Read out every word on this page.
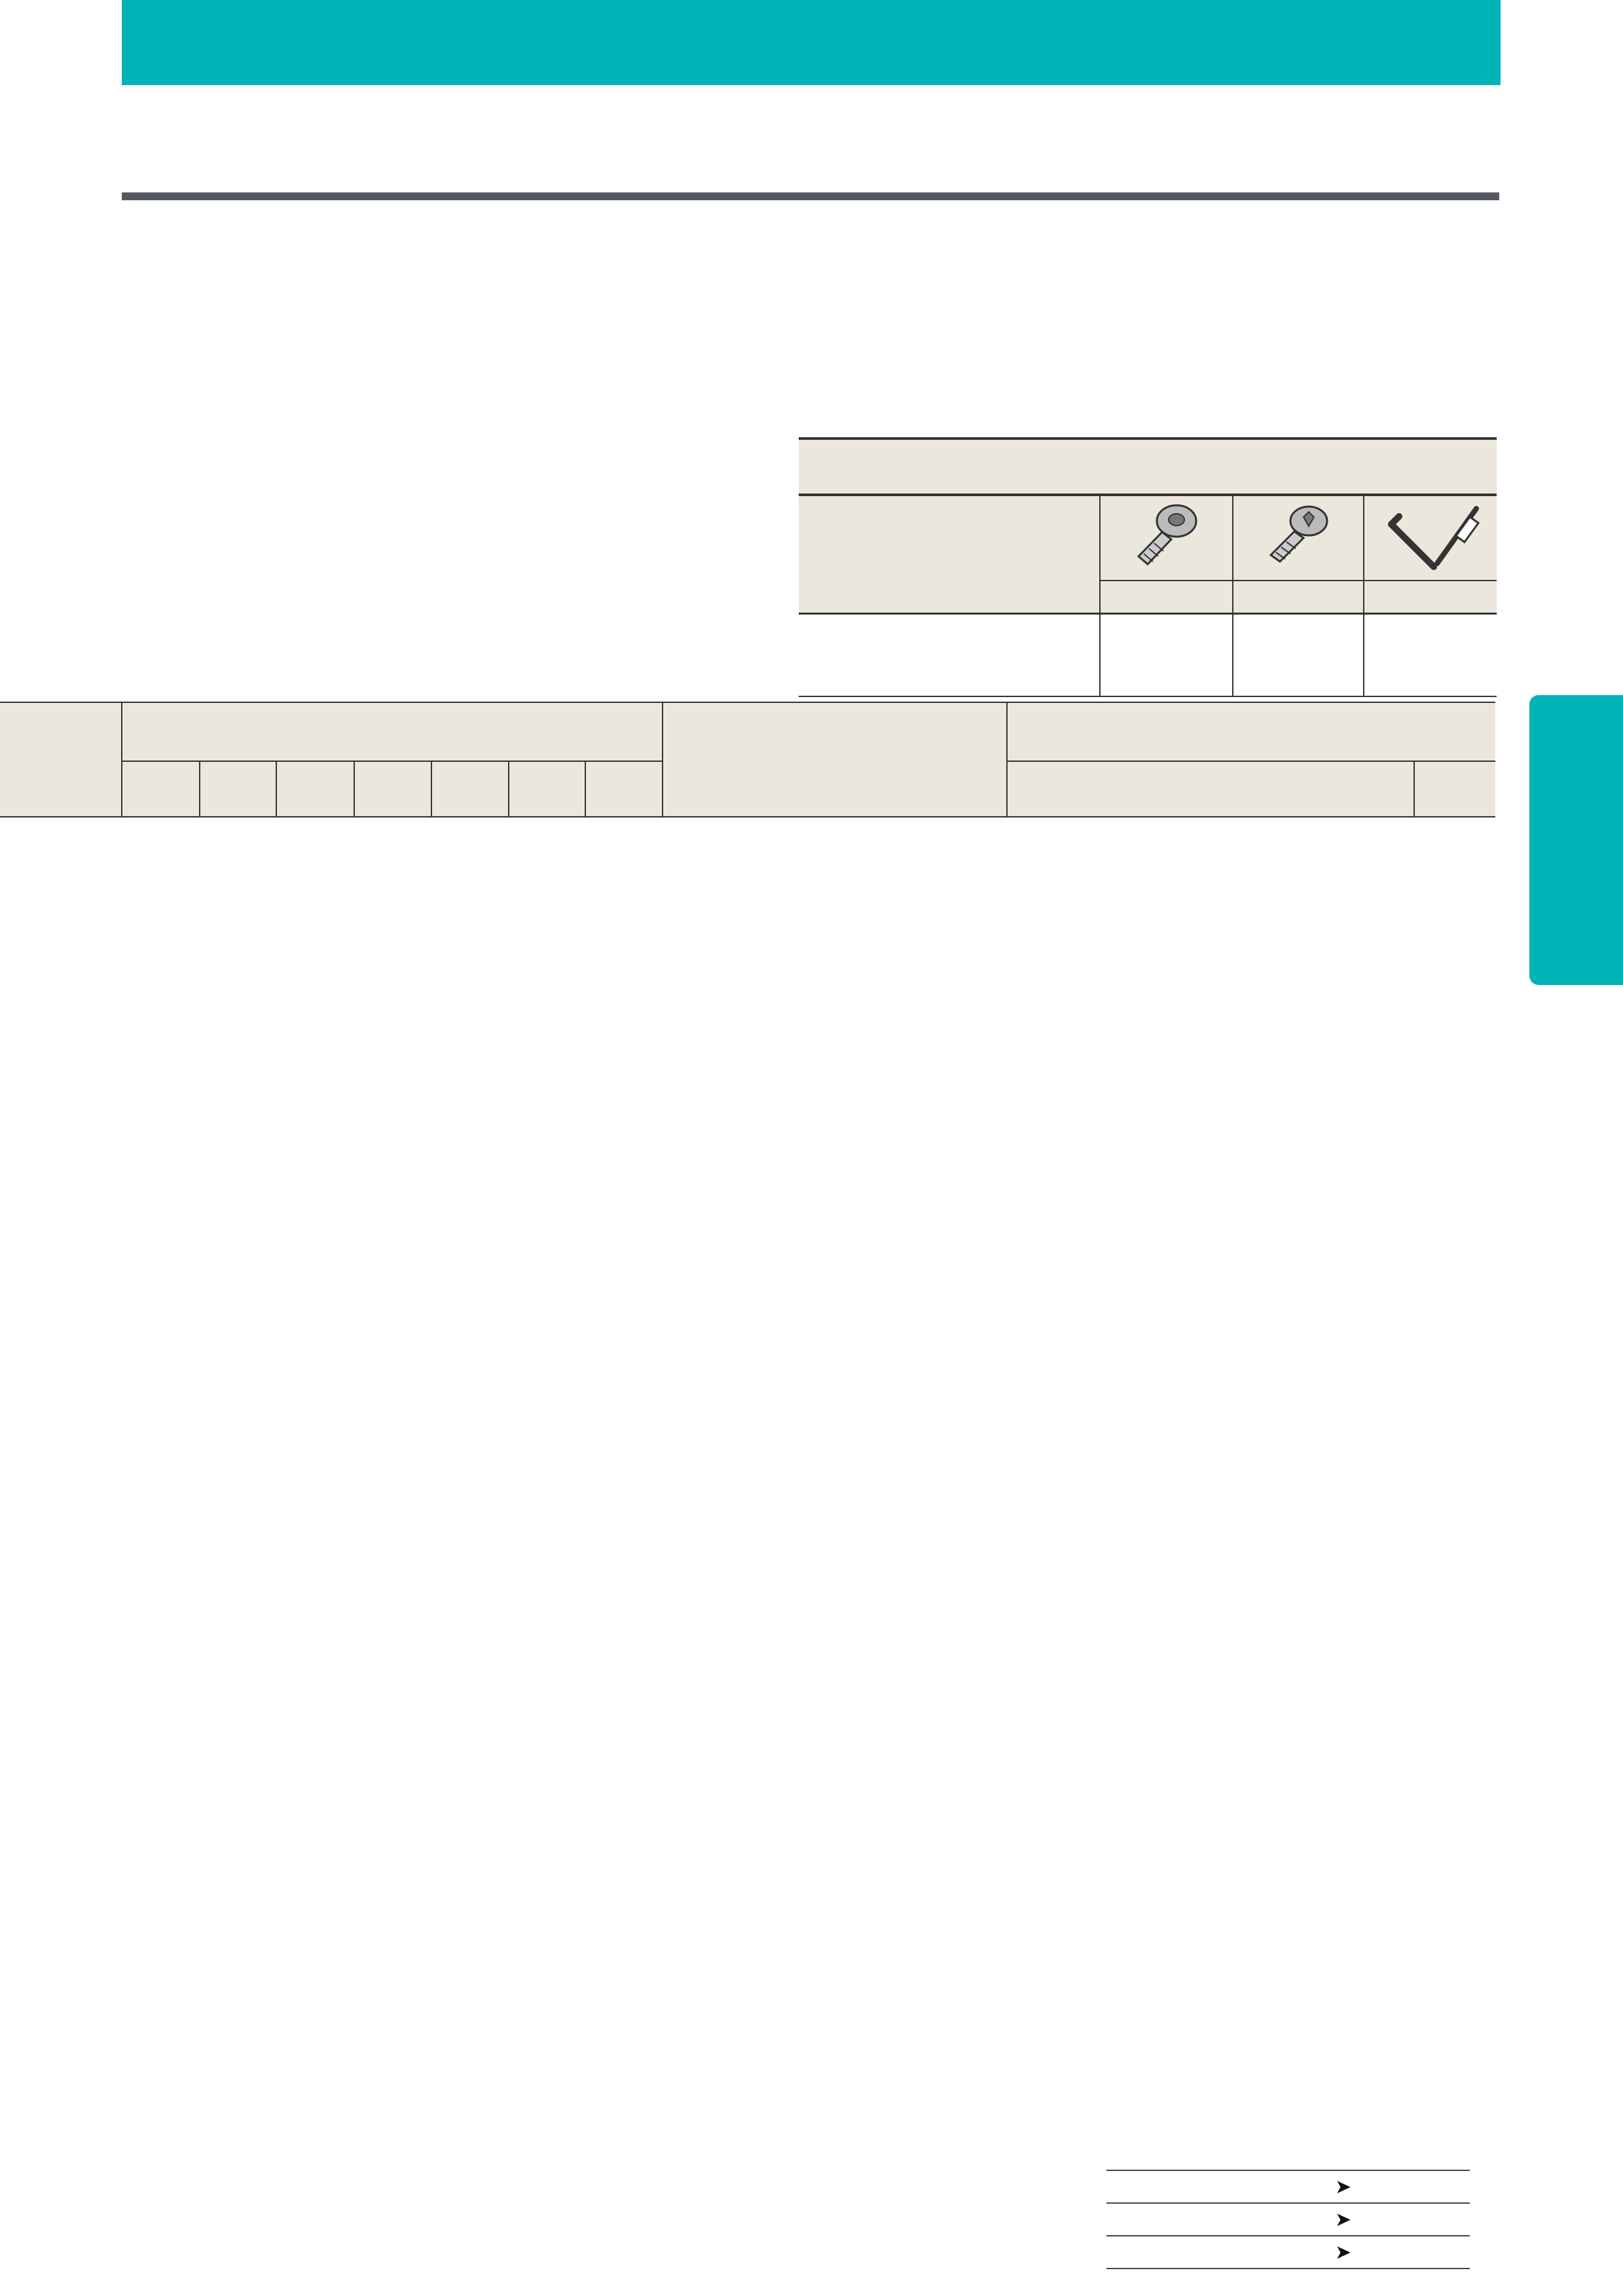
➤
➤
➤
